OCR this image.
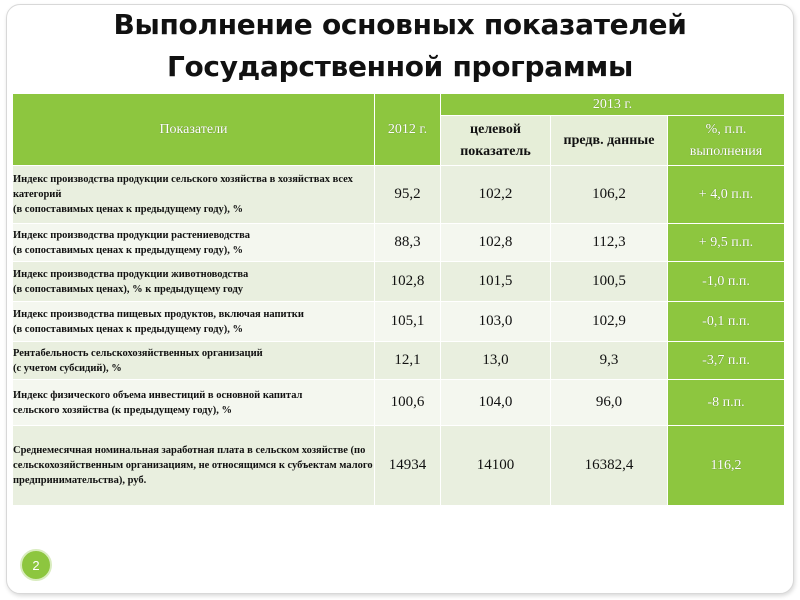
Выполнение основных показателей
Государственной программы
Показатели	2012 г.	2013 г.		
		целевой показатель	предв. данные	%, п.п. выполнения
Индекс производства продукции сельского хозяйства в хозяйствах всех категорий
(в сопоставимых ценах к предыдущему году), %	95,2	102,2	106,2	+ 4,0 п.п.
Индекс производства продукции растениеводства
(в сопоставимых ценах к предыдущему году), %	88,3	102,8	112,3	+ 9,5 п.п.
Индекс производства продукции животноводства
(в сопоставимых ценах), % к предыдущему году	102,8	101,5	100,5	-1,0 п.п.
Индекс производства пищевых продуктов, включая напитки
(в сопоставимых ценах к предыдущему году), %	105,1	103,0	102,9	-0,1 п.п.
Рентабельность сельскохозяйственных организаций
(с учетом субсидий), %	12,1	13,0	9,3	-3,7 п.п.
Индекс физического объема инвестиций в основной капитал
сельского хозяйства (к предыдущему году), %	100,6	104,0	96,0	-8 п.п.
Среднемесячная номинальная заработная плата в сельском хозяйстве (по сельскохозяйственным организациям, не относящимся к субъектам малого предпринимательства), руб.	14934	14100	16382,4	116,2
2
